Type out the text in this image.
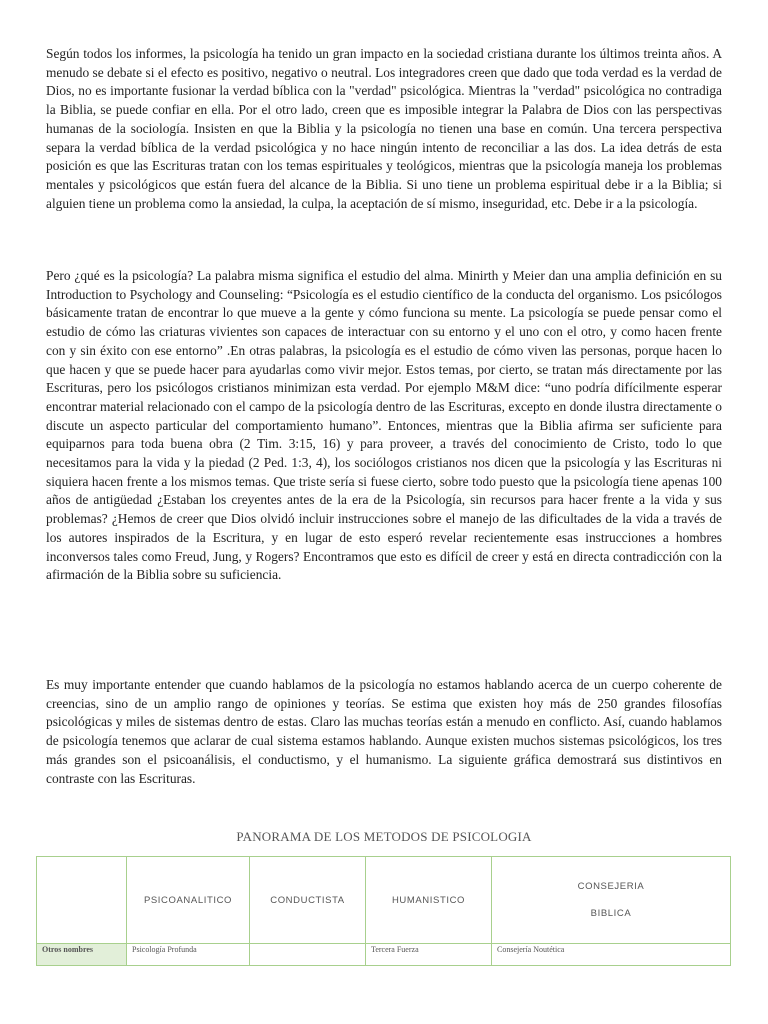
Según todos los informes, la psicología ha tenido un gran impacto en la sociedad cristiana durante los últimos treinta años. A menudo se debate si el efecto es positivo, negativo o neutral. Los integradores creen que dado que toda verdad es la verdad de Dios, no es importante fusionar la verdad bíblica con la "verdad" psicológica. Mientras la "verdad" psicológica no contradiga la Biblia, se puede confiar en ella. Por el otro lado, creen que es imposible integrar la Palabra de Dios con las perspectivas humanas de la sociología. Insisten en que la Biblia y la psicología no tienen una base en común. Una tercera perspectiva separa la verdad bíblica de la verdad psicológica y no hace ningún intento de reconciliar a las dos. La idea detrás de esta posición es que las Escrituras tratan con los temas espirituales y teológicos, mientras que la psicología maneja los problemas mentales y psicológicos que están fuera del alcance de la Biblia. Si uno tiene un problema espiritual debe ir a la Biblia; si alguien tiene un problema como la ansiedad, la culpa, la aceptación de sí mismo, inseguridad, etc. Debe ir a la psicología.

Pero ¿qué es la psicología? La palabra misma significa el estudio del alma. Minirth y Meier dan una amplia definición en su Introduction to Psychology and Counseling: “Psicología es el estudio científico de la conducta del organismo. Los psicólogos básicamente tratan de encontrar lo que mueve a la gente y cómo funciona su mente. La psicología se puede pensar como el estudio de cómo las criaturas vivientes son capaces de interactuar con su entorno y el uno con el otro, y como hacen frente con y sin éxito con ese entorno” .En otras palabras, la psicología es el estudio de cómo viven las personas, porque hacen lo que hacen y que se puede hacer para ayudarlas como vivir mejor. Estos temas, por cierto, se tratan más directamente por las Escrituras, pero los psicólogos cristianos minimizan esta verdad. Por ejemplo M&M dice: “uno podría difícilmente esperar encontrar material relacionado con el campo de la psicología dentro de las Escrituras, excepto en donde ilustra directamente o discute un aspecto particular del comportamiento humano”. Entonces, mientras que la Biblia afirma ser suficiente para equiparnos para toda buena obra (2 Tim. 3:15, 16) y para proveer, a través del conocimiento de Cristo, todo lo que necesitamos para la vida y la piedad (2 Ped. 1:3, 4), los sociólogos cristianos nos dicen que la psicología y las Escrituras ni siquiera hacen frente a los mismos temas. Que triste sería si fuese cierto, sobre todo puesto que la psicología tiene apenas 100 años de antigüedad ¿Estaban los creyentes antes de la era de la Psicología, sin recursos para hacer frente a la vida y sus problemas? ¿Hemos de creer que Dios olvidó incluir instrucciones sobre el manejo de las dificultades de la vida a través de los autores inspirados de la Escritura, y en lugar de esto esperó revelar recientemente esas instrucciones a hombres inconversos tales como Freud, Jung, y Rogers? Encontramos que esto es difícil de creer y está en directa contradicción con la afirmación de la Biblia sobre su suficiencia.

Es muy importante entender que cuando hablamos de la psicología no estamos hablando acerca de un cuerpo coherente de creencias, sino de un amplio rango de opiniones y teorías. Se estima que existen hoy más de 250 grandes filosofías psicológicas y miles de sistemas dentro de estas. Claro las muchas teorías están a menudo en conflicto. Así, cuando hablamos de psicología tenemos que aclarar de cual sistema estamos hablando. Aunque existen muchos sistemas psicológicos, los tres más grandes son el psicoanálisis, el conductismo, y el humanismo. La siguiente gráfica demostrará sus distintivos en contraste con las Escrituras.

PANORAMA DE LOS METODOS DE PSICOLOGIA
	PSICOANALITICO	CONDUCTISTA	HUMANISTICO	CONSEJERIA
BIBLICA

Otros nombres	Psicología Profunda		Tercera Fuerza	Consejería Noutética
